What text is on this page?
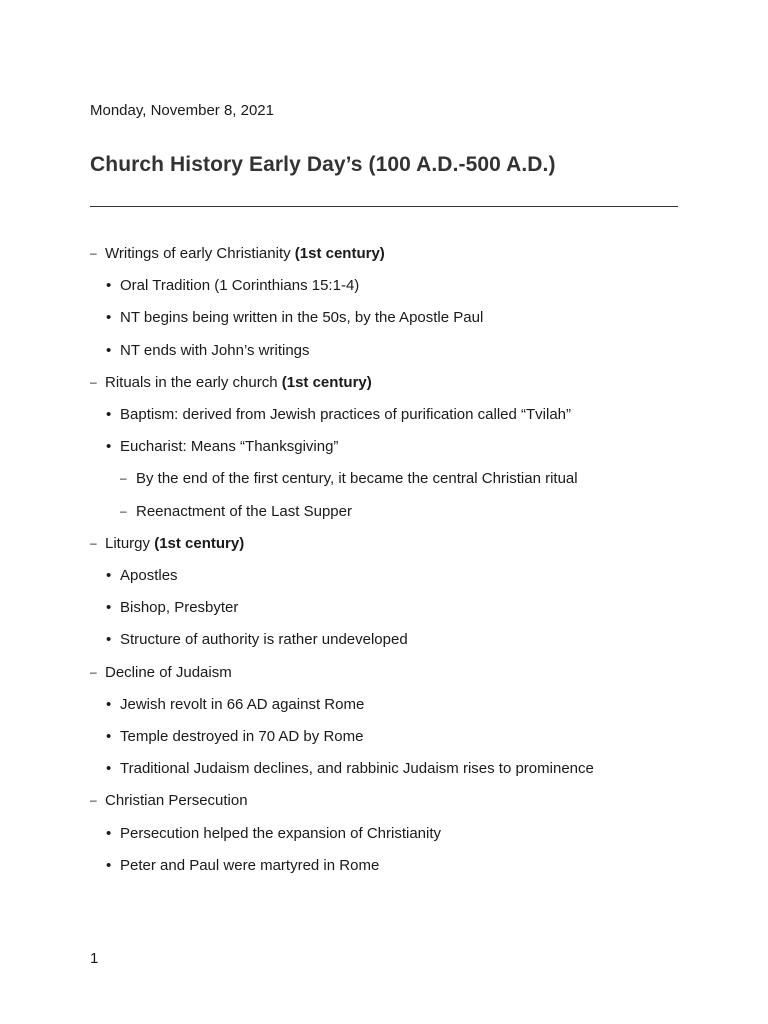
Monday, November 8, 2021
Church History Early Day’s (100 A.D.-500 A.D.)
– Writings of early Christianity (1st century)
• Oral Tradition (1 Corinthians 15:1-4)
• NT begins being written in the 50s, by the Apostle Paul
• NT ends with John’s writings
– Rituals in the early church (1st century)
• Baptism: derived from Jewish practices of purification called “Tvilah”
• Eucharist: Means “Thanksgiving”
– By the end of the first century, it became the central Christian ritual
– Reenactment of the Last Supper
– Liturgy (1st century)
• Apostles
• Bishop, Presbyter
• Structure of authority is rather undeveloped
– Decline of Judaism
• Jewish revolt in 66 AD against Rome
• Temple destroyed in 70 AD by Rome
• Traditional Judaism declines, and rabbinic Judaism rises to prominence
– Christian Persecution
• Persecution helped the expansion of Christianity
• Peter and Paul were martyred in Rome
1
